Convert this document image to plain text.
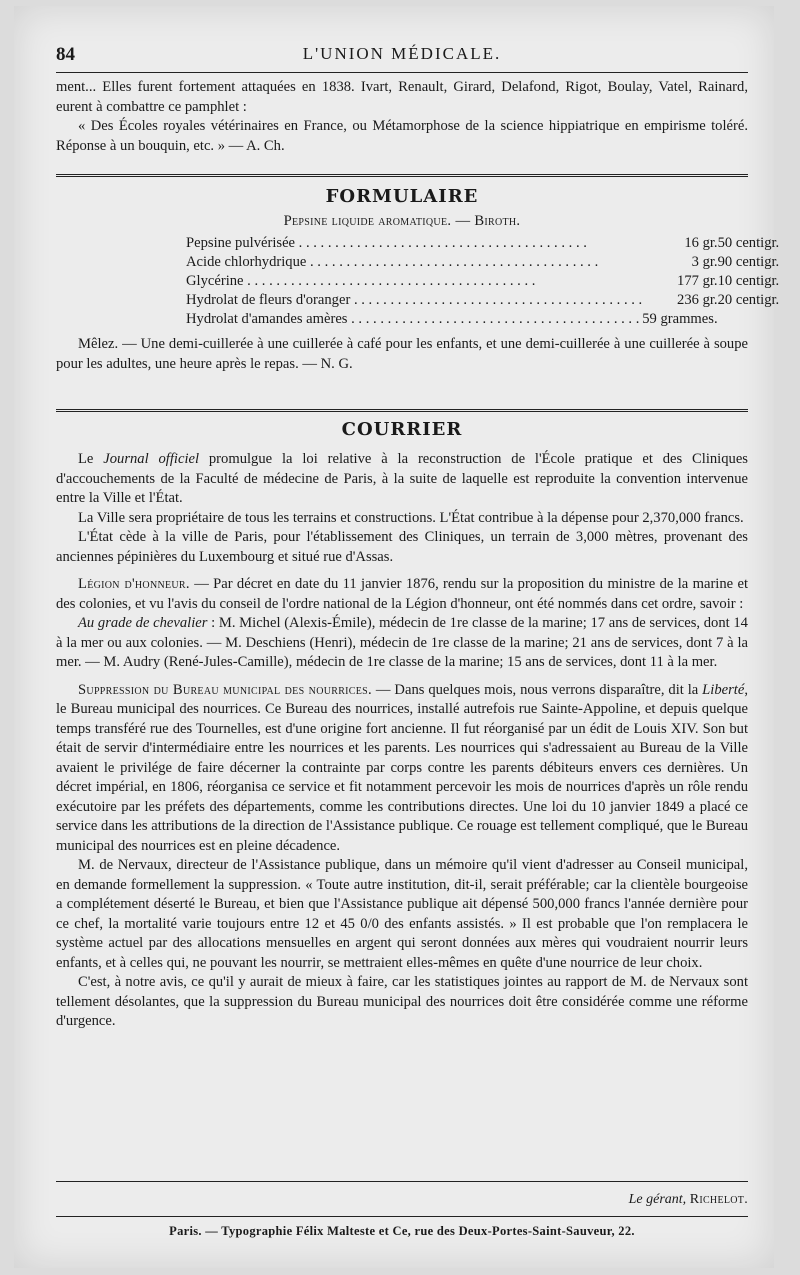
84	L'UNION MÉDICALE.

ment... Elles furent fortement attaquées en 1838. Ivart, Renault, Girard, Delafond, Rigot, Boulay, Vatel, Rainard, eurent à combattre ce pamphlet :

« Des Écoles royales vétérinaires en France, ou Métamorphose de la science hippiatrique en empirisme toléré. Réponse à un bouquin, etc. » — A. Ch.

FORMULAIRE
Pepsine liquide aromatique. — Biroth.
Pepsine pulvérisée . . . . . . . . . . . . . . . . . . . . . . . . . . . . . . . . . . . . . . . .	16 gr.	50 centigr.
Acide chlorhydrique . . . . . . . . . . . . . . . . . . . . . . . . . . . . . . . . . . . . . . . .	3 gr.	90 centigr.
Glycérine . . . . . . . . . . . . . . . . . . . . . . . . . . . . . . . . . . . . . . . .	177 gr.	10 centigr.
Hydrolat de fleurs d'oranger . . . . . . . . . . . . . . . . . . . . . . . . . . . . . . . . . . . . . . . .	236 gr.	20 centigr.
Hydrolat d'amandes amères . . . . . . . . . . . . . . . . . . . . . . . . . . . . . . . . . . . . . . . .	59 grammes.	

Mêlez. — Une demi-cuillerée à une cuillerée à café pour les enfants, et une demi-cuillerée à une cuillerée à soupe pour les adultes, une heure après le repas. — N. G.

COURRIER

Le Journal officiel promulgue la loi relative à la reconstruction de l'École pratique et des Cliniques d'accouchements de la Faculté de médecine de Paris, à la suite de laquelle est reproduite la convention intervenue entre la Ville et l'État.

La Ville sera propriétaire de tous les terrains et constructions. L'État contribue à la dépense pour 2,370,000 francs.

L'État cède à la ville de Paris, pour l'établissement des Cliniques, un terrain de 3,000 mètres, provenant des anciennes pépinières du Luxembourg et situé rue d'Assas.

Légion d'honneur. — Par décret en date du 11 janvier 1876, rendu sur la proposition du ministre de la marine et des colonies, et vu l'avis du conseil de l'ordre national de la Légion d'honneur, ont été nommés dans cet ordre, savoir :

Au grade de chevalier : M. Michel (Alexis-Émile), médecin de 1re classe de la marine; 17 ans de services, dont 14 à la mer ou aux colonies. — M. Deschiens (Henri), médecin de 1re classe de la marine; 21 ans de services, dont 7 à la mer. — M. Audry (René-Jules-Camille), médecin de 1re classe de la marine; 15 ans de services, dont 11 à la mer.

Suppression du Bureau municipal des nourrices. — Dans quelques mois, nous verrons disparaître, dit la Liberté, le Bureau municipal des nourrices. Ce Bureau des nourrices, installé autrefois rue Sainte-Appoline, et depuis quelque temps transféré rue des Tournelles, est d'une origine fort ancienne. Il fut réorganisé par un édit de Louis XIV. Son but était de servir d'intermédiaire entre les nourrices et les parents. Les nourrices qui s'adressaient au Bureau de la Ville avaient le privilége de faire décerner la contrainte par corps contre les parents débiteurs envers ces dernières. Un décret impérial, en 1806, réorganisa ce service et fit notamment percevoir les mois de nourrices d'après un rôle rendu exécutoire par les préfets des départements, comme les contributions directes. Une loi du 10 janvier 1849 a placé ce service dans les attributions de la direction de l'Assistance publique. Ce rouage est tellement compliqué, que le Bureau municipal des nourrices est en pleine décadence.

M. de Nervaux, directeur de l'Assistance publique, dans un mémoire qu'il vient d'adresser au Conseil municipal, en demande formellement la suppression. « Toute autre institution, dit-il, serait préférable; car la clientèle bourgeoise a complétement déserté le Bureau, et bien que l'Assistance publique ait dépensé 500,000 francs l'année dernière pour ce chef, la mortalité varie toujours entre 12 et 45 0/0 des enfants assistés. » Il est probable que l'on remplacera le système actuel par des allocations mensuelles en argent qui seront données aux mères qui voudraient nourrir leurs enfants, et à celles qui, ne pouvant les nourrir, se mettraient elles-mêmes en quête d'une nourrice de leur choix.

C'est, à notre avis, ce qu'il y aurait de mieux à faire, car les statistiques jointes au rapport de M. de Nervaux sont tellement désolantes, que la suppression du Bureau municipal des nourrices doit être considérée comme une réforme d'urgence.

Le gérant, Richelot.
Paris. — Typographie Félix Malteste et Ce, rue des Deux-Portes-Saint-Sauveur, 22.
